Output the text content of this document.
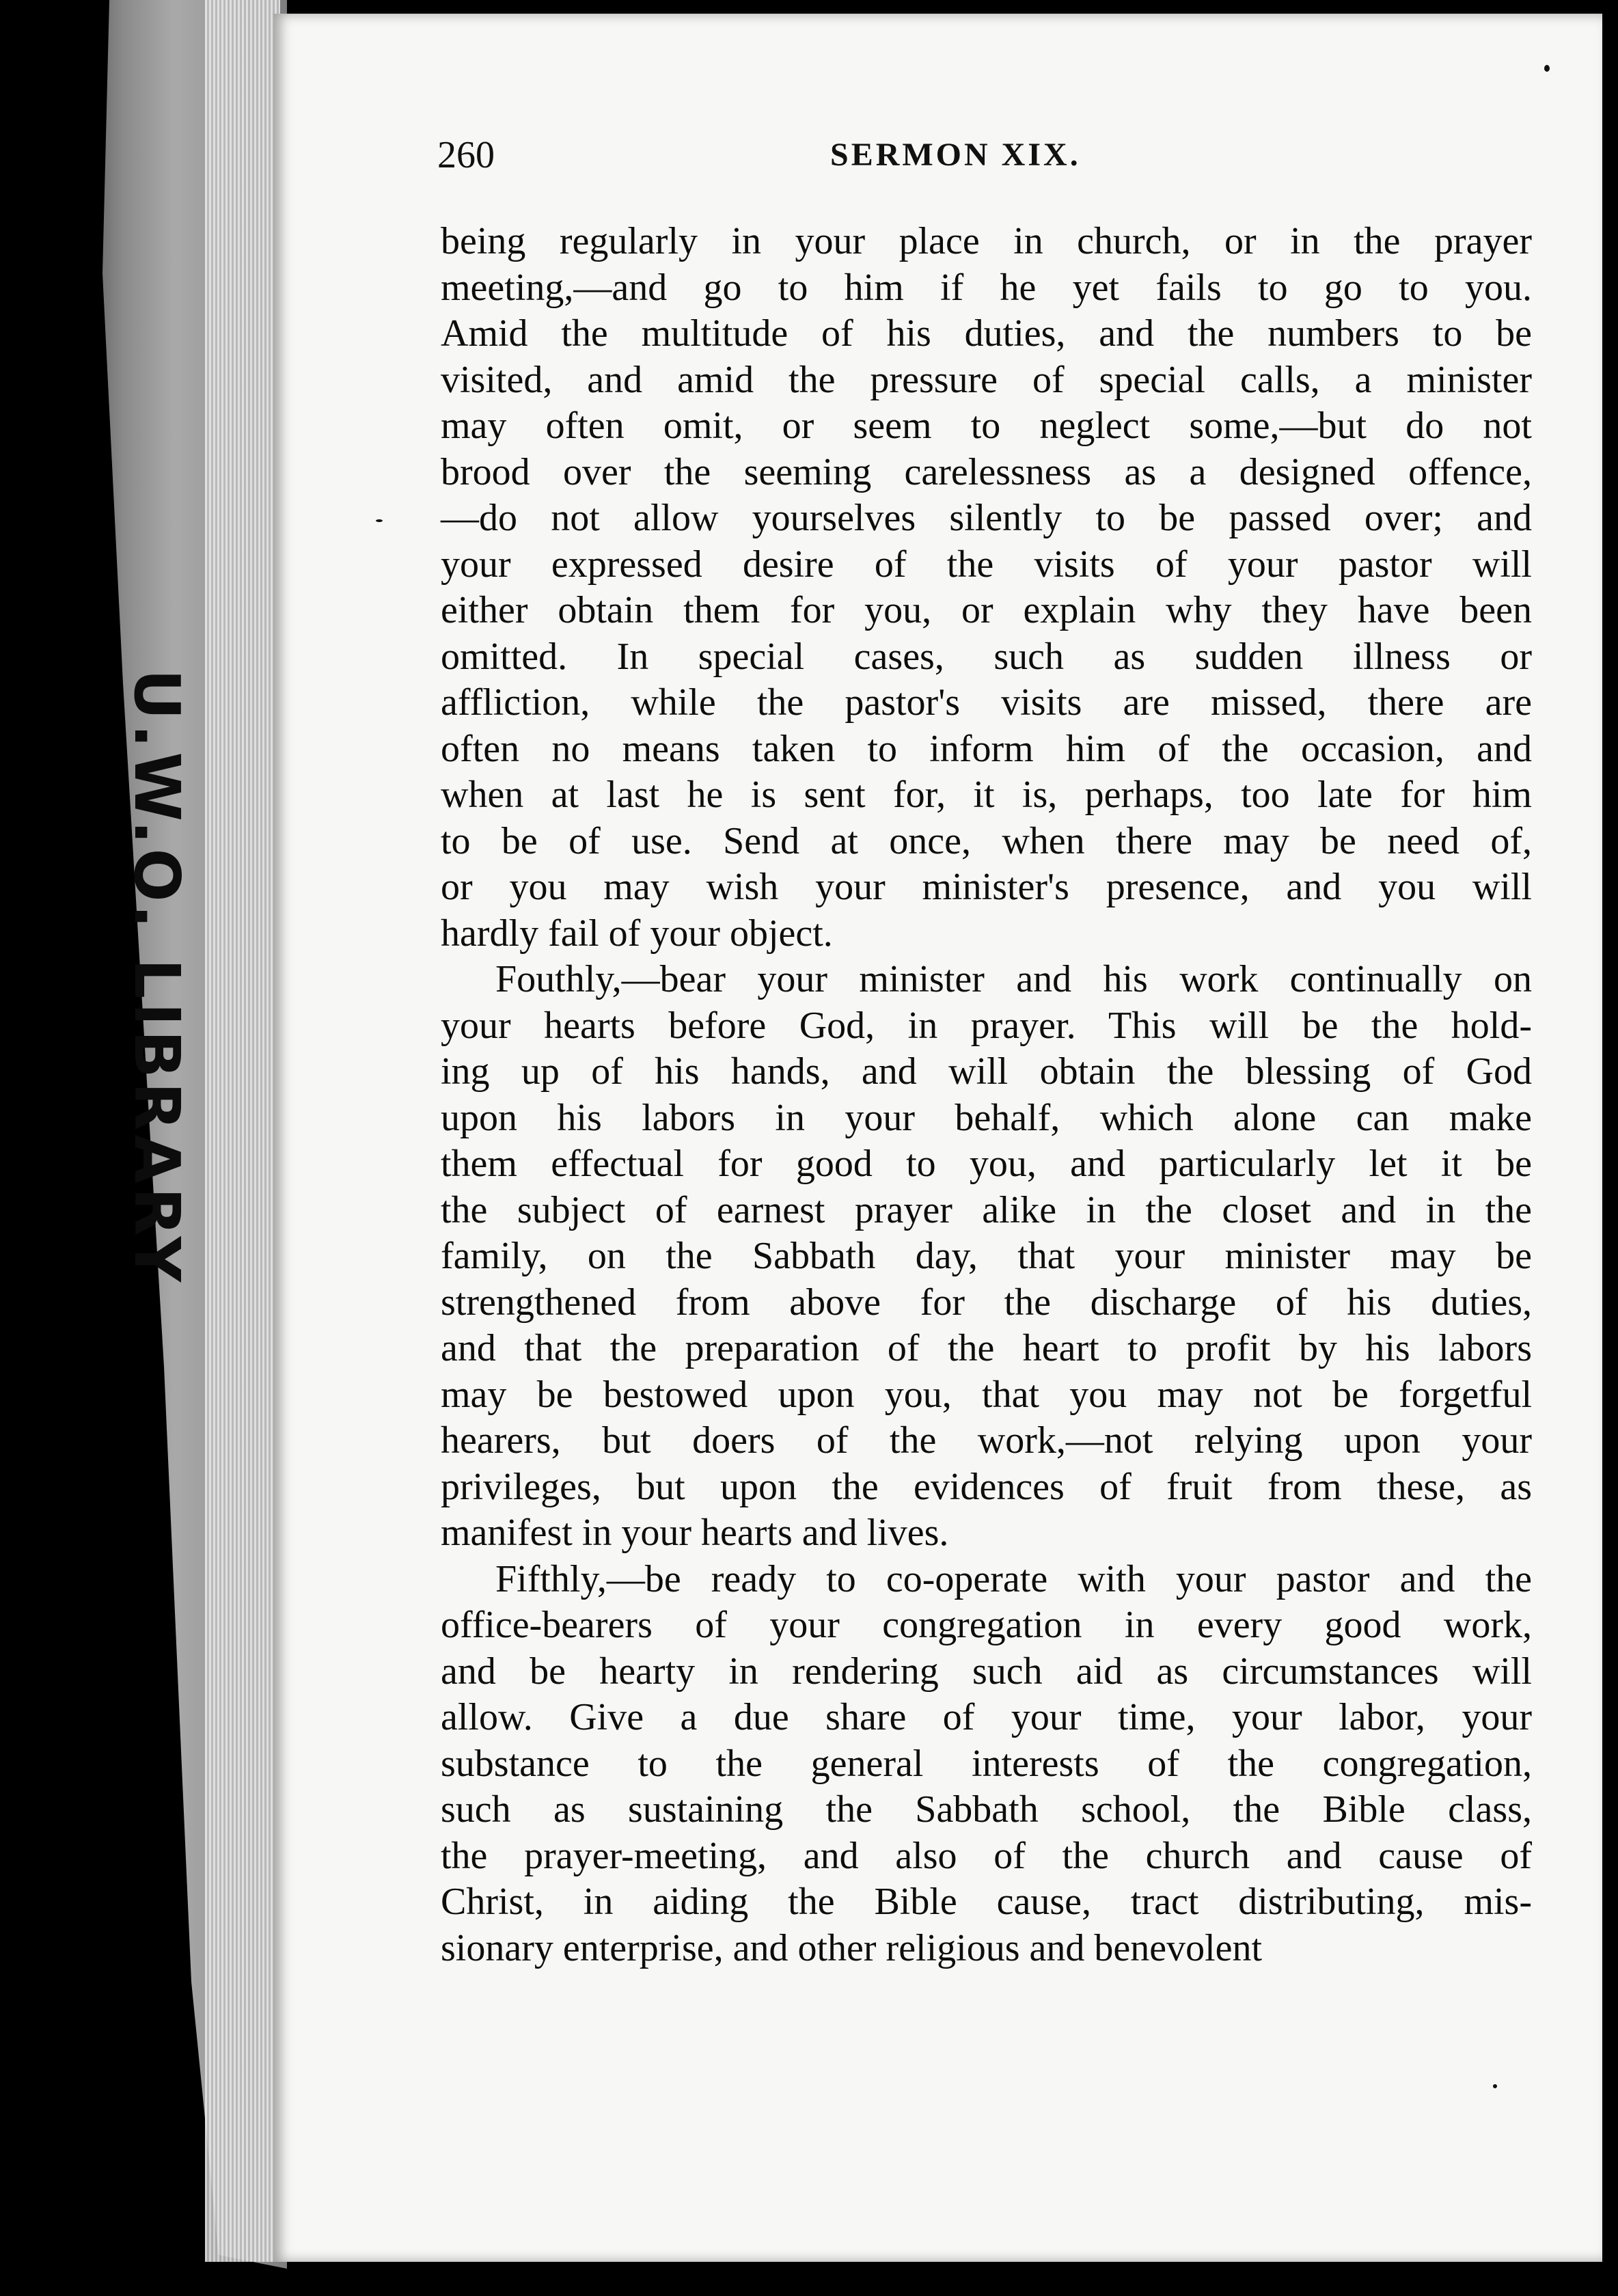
U.W.O. LIBRARY
260	SERMON XIX.
being regularly in your place in church, or in the prayer
meeting,—and go to him if he yet fails to go to you.
Amid the multitude of his duties, and the numbers to be
visited, and amid the pressure of special calls, a minister
may often omit, or seem to neglect some,—but do not
brood over the seeming carelessness as a designed offence,
—do not allow yourselves silently to be passed over; and
your expressed desire of the visits of your pastor will
either obtain them for you, or explain why they have been
omitted. In special cases, such as sudden illness or
affliction, while the pastor's visits are missed, there are
often no means taken to inform him of the occasion, and
when at last he is sent for, it is, perhaps, too late for him
to be of use. Send at once, when there may be need of,
or you may wish your minister's presence, and you will
hardly fail of your object.
Fouthly,—bear your minister and his work continually on
your hearts before God, in prayer. This will be the hold-
ing up of his hands, and will obtain the blessing of God
upon his labors in your behalf, which alone can make
them effectual for good to you, and particularly let it be
the subject of earnest prayer alike in the closet and in the
family, on the Sabbath day, that your minister may be
strengthened from above for the discharge of his duties,
and that the preparation of the heart to profit by his labors
may be bestowed upon you, that you may not be forgetful
hearers, but doers of the work,—not relying upon your
privileges, but upon the evidences of fruit from these, as
manifest in your hearts and lives.
Fifthly,—be ready to co-operate with your pastor and the
office-bearers of your congregation in every good work,
and be hearty in rendering such aid as circumstances will
allow. Give a due share of your time, your labor, your
substance to the general interests of the congregation,
such as sustaining the Sabbath school, the Bible class,
the prayer-meeting, and also of the church and cause of
Christ, in aiding the Bible cause, tract distributing, mis-
sionary enterprise, and other religious and benevolent
